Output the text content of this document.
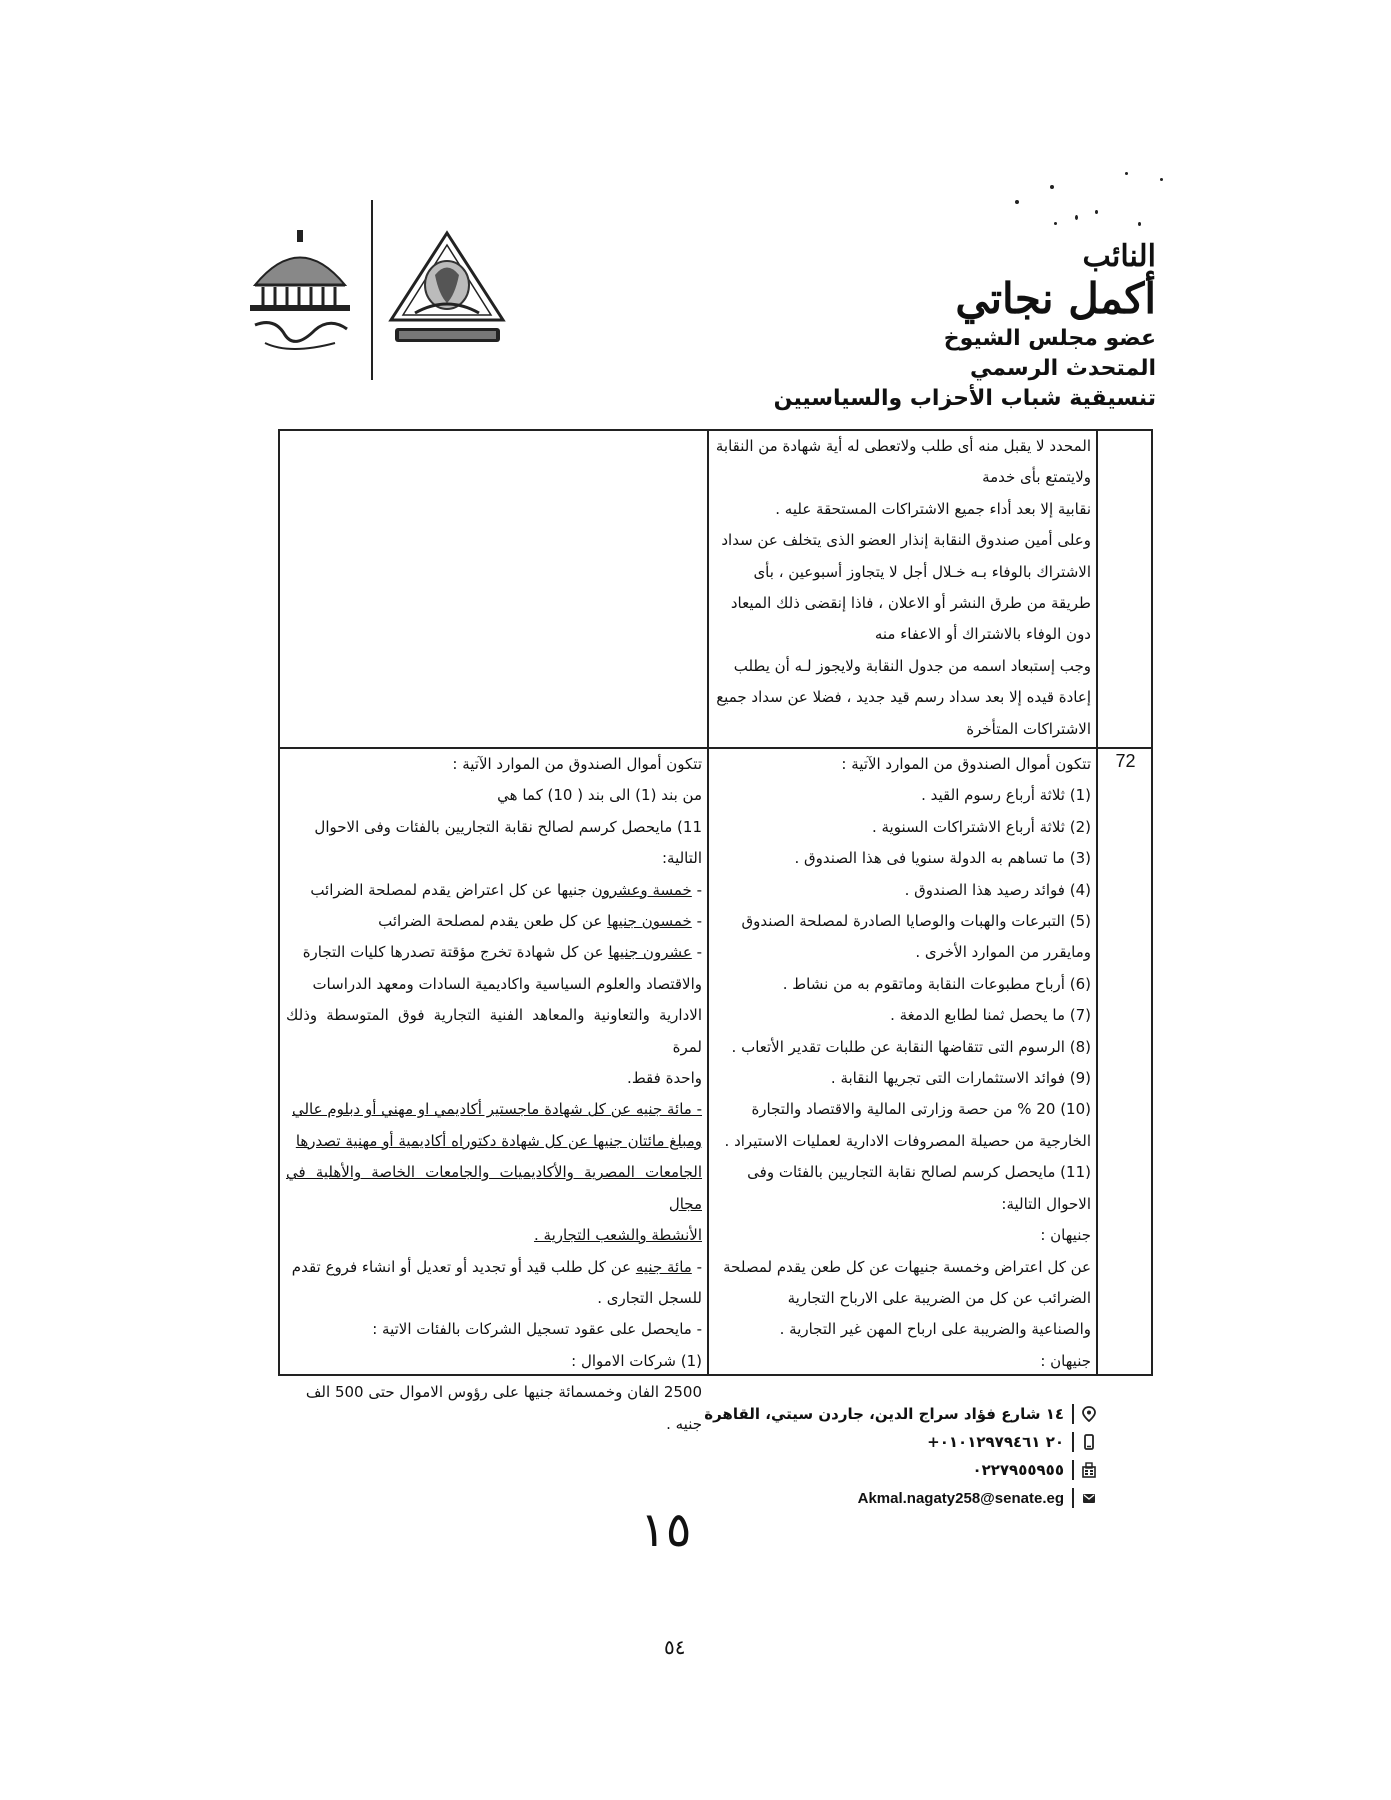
النائب
أكمل نجاتي
عضو مجلس الشيوخ
المتحدث الرسمي
تنسيقية شباب الأحزاب والسياسيين

المحدد لا يقبل منه أى طلب ولاتعطى له أية شهادة من النقابة

ولايتمتع بأى خدمة

نقابية إلا بعد أداء جميع الاشتراكات المستحقة عليه .

وعلى أمين صندوق النقابة إنذار العضو الذى يتخلف عن سداد

الاشتراك بالوفاء بـه خـلال أجل لا يتجاوز أسبوعين ، بأى

طريقة من طرق النشر أو الاعلان ، فاذا إنقضى ذلك الميعاد

دون الوفاء بالاشتراك أو الاعفاء منه

وجب إستبعاد اسمه من جدول النقابة ولايجوز لـه أن يطلب

إعادة قيده إلا بعد سداد رسم قيد جديد ، فضلا عن سداد جميع

الاشتراكات المتأخرة

72

تتكون أموال الصندوق من الموارد الآتية :

(1) ثلاثة أرباع رسوم القيد .

(2) ثلاثة أرباع الاشتراكات السنوية .

(3) ما تساهم به الدولة سنويا فى هذا الصندوق .

(4) فوائد رصيد هذا الصندوق .

(5) التبرعات والهبات والوصايا الصادرة لمصلحة الصندوق

ومايقرر من الموارد الأخرى .

(6) أرباح مطبوعات النقابة وماتقوم به من نشاط .

(7) ما يحصل ثمنا لطابع الدمغة .

(8) الرسوم التى تتقاضها النقابة عن طلبات تقدير الأتعاب .

(9) فوائد الاستثمارات التى تجريها النقابة .

(10) 20 % من حصة وزارتى المالية والاقتصاد والتجارة

الخارجية من حصيلة المصروفات الادارية لعمليات الاستيراد .

(11) مايحصل كرسم لصالح نقابة التجاريين بالفئات وفى

الاحوال التالية:

جنيهان :

عن كل اعتراض وخمسة جنيهات عن كل طعن يقدم لمصلحة

الضرائب عن كل من الضريبة على الارباح التجارية

والصناعية والضريبة على ارباح المهن غير التجارية .

جنيهان :

تتكون أموال الصندوق من الموارد الآتية :

من بند (1) الى بند ( 10) كما هي

11) مايحصل كرسم لصالح نقابة التجاريين بالفئات وفى الاحوال

التالية:

- خمسة وعشرون جنيها عن كل اعتراض يقدم لمصلحة الضرائب

- خمسون جنيها عن كل طعن يقدم لمصلحة الضرائب

- عشرون جنيها عن كل شهادة تخرج مؤقتة تصدرها كليات التجارة

والاقتصاد والعلوم السياسية واكاديمية السادات ومعهد الدراسات

الادارية والتعاونية والمعاهد الفنية التجارية فوق المتوسطة وذلك لمرة

واحدة فقط.

- مائة جنيه عن كل شهادة ماجستير أكاديمي او مهني أو دبلوم عالي

ومبلغ مائتان جنيها عن كل شهادة دكتوراه أكاديمية أو مهنية تصدرها

الجامعات المصرية والأكاديميات والجامعات الخاصة والأهلية في مجال

الأنشطة والشعب التجارية .

- مائة جنيه عن كل طلب قيد أو تجديد أو تعديل أو انشاء فروع تقدم

للسجل التجارى .

- مايحصل على عقود تسجيل الشركات بالفئات الاتية :

(1) شركات الاموال :

2500 الفان وخمسمائة جنيها على رؤوس الاموال حتى 500 الف

جنيه .

١٤ شارع فؤاد سراج الدين، جاردن سيتي، القاهرة
+٢٠ ٠١٠١٢٩٧٩٤٦١
٠٢٢٧٩٥٥٩٥٥
Akmal.nagaty258@senate.eg
١٥
٥٤
